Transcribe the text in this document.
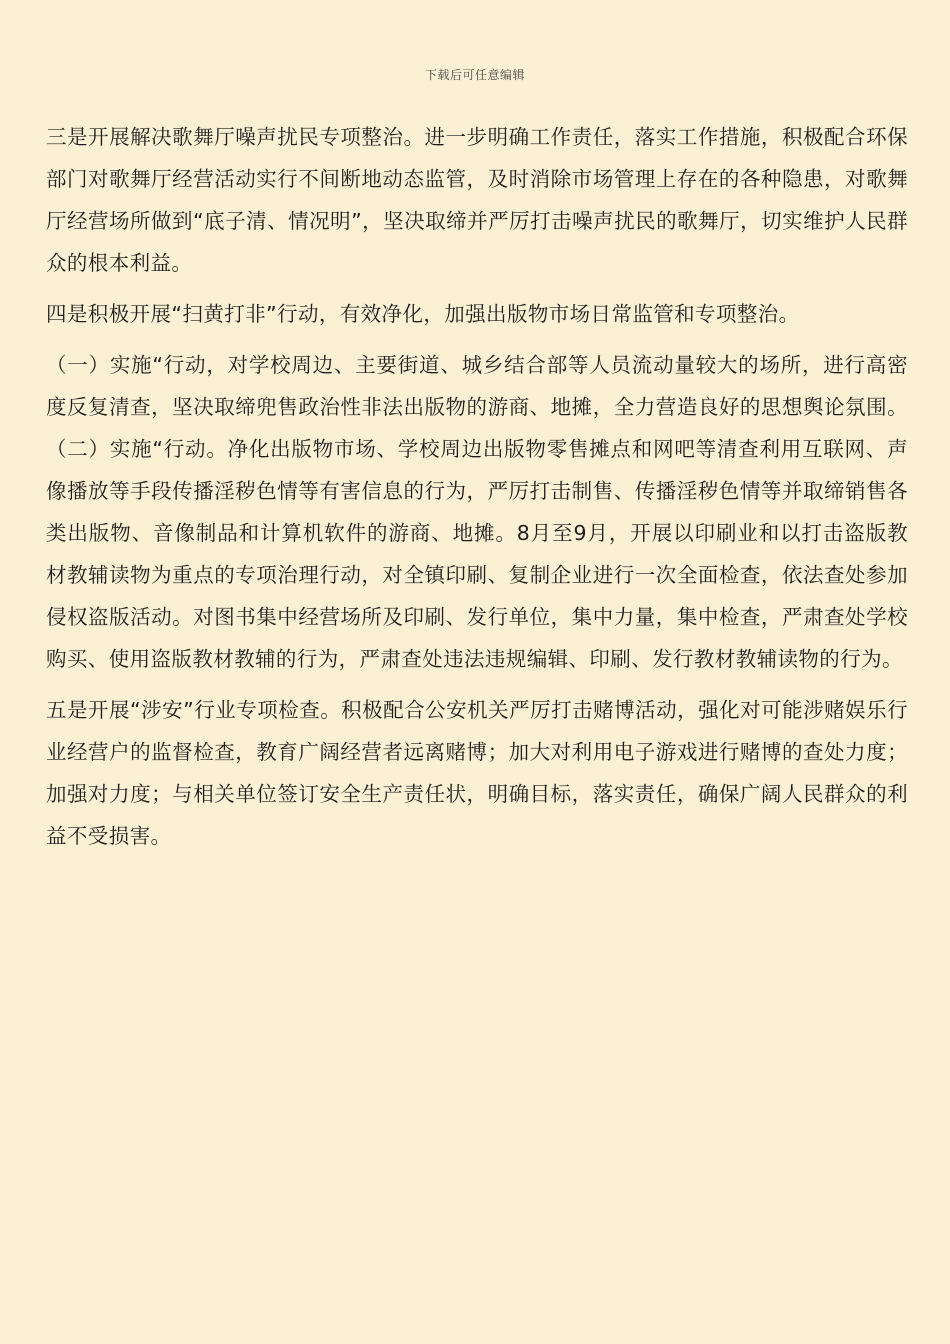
下载后可任意编辑

三是开展解决歌舞厅噪声扰民专项整治。进一步明确工作责任，落实工作措施，积极配合环保部门对歌舞厅经营活动实行不间断地动态监管，及时消除市场管理上存在的各种隐患，对歌舞厅经营场所做到“底子清、情况明”，坚决取缔并严厉打击噪声扰民的歌舞厅，切实维护人民群众的根本利益。

四是积极开展“扫黄打非”行动，有效净化，加强出版物市场日常监管和专项整治。

（一）实施“行动，对学校周边、主要街道、城乡结合部等人员流动量较大的场所，进行高密度反复清查，坚决取缔兜售政治性非法出版物的游商、地摊，全力营造良好的思想舆论氛围。（二）实施“行动。净化出版物市场、学校周边出版物零售摊点和网吧等清查利用互联网、声像播放等手段传播淫秽色情等有害信息的行为，严厉打击制售、传播淫秽色情等并取缔销售各类出版物、音像制品和计算机软件的游商、地摊。8月至9月，开展以印刷业和以打击盗版教材教辅读物为重点的专项治理行动，对全镇印刷、复制企业进行一次全面检查，依法查处参加侵权盗版活动。对图书集中经营场所及印刷、发行单位，集中力量，集中检查，严肃查处学校购买、使用盗版教材教辅的行为，严肃查处违法违规编辑、印刷、发行教材教辅读物的行为。

五是开展“涉安”行业专项检查。积极配合公安机关严厉打击赌博活动，强化对可能涉赌娱乐行业经营户的监督检查，教育广阔经营者远离赌博；加大对利用电子游戏进行赌博的查处力度；加强对力度；与相关单位签订安全生产责任状，明确目标，落实责任，确保广阔人民群众的利益不受损害。
